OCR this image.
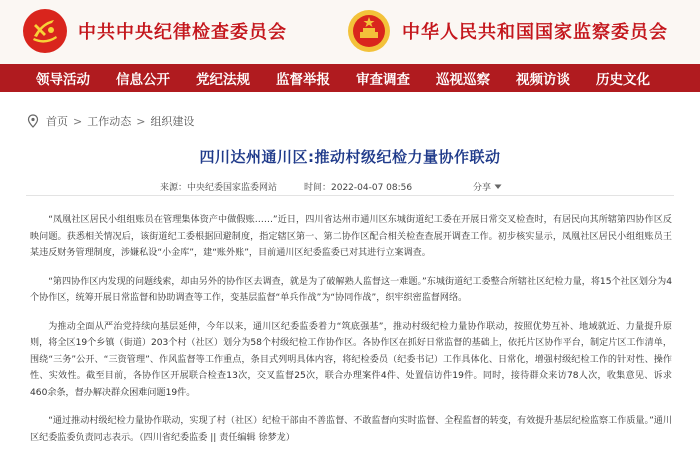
中共中央纪律检查委员会	中华人民共和国国家监察委员会
领导活动 信息公开 党纪法规 监督举报 审查调查 巡视巡察 视频访谈 历史文化
首页 > 工作动态 > 组织建设
四川达州通川区:推动村级纪检力量协作联动
来源：中央纪委国家监委网站	时间：2022-04-07 08:56	分享

“凤凰社区居民小组组账员在管理集体资产中做假账……”近日，四川省达州市通川区东城街道纪工委在开展日常交叉检查时，有居民向其所辖第四协作区反映问题。获悉相关情况后，该街道纪工委根据回避制度，指定辖区第一、第二协作区配合相关检查查展开调查工作。初步核实显示，凤凰社区居民小组组账员王某违反财务管理制度，涉嫌私设“小金库”，建“账外账”，目前通川区纪委监委已对其进行立案调查。

“第四协作区内发现的问题线索，却由另外的协作区去调查，就是为了破解熟人监督这一难题。”东城街道纪工委整合所辖社区纪检力量，将15个社区划分为4个协作区，统筹开展日常监督和协助调查等工作，变基层监督“单兵作战”为“协同作战”，织牢织密监督网络。

为推动全面从严治党持续向基层延伸，今年以来，通川区纪委监委着力“筑底强基”，推动村级纪检力量协作联动，按照优势互补、地域就近、力量提升原则，将全区19个乡镇（街道）203个村（社区）划分为58个村级纪检工作协作区。各协作区在抓好日常监督的基础上，依托片区协作平台，制定片区工作清单，围绕“三务”公开、“三资管理”、作风监督等工作重点，条目式列明具体内容，将纪检委员（纪委书记）工作具体化、日常化，增强村级纪检工作的针对性、操作性、实效性。截至目前，各协作区开展联合检查13次，交叉监督25次，联合办理案件4件、处置信访件19件。同时，接待群众来访78人次，收集意见、诉求460余条，督办解决群众困难问题19件。

“通过推动村级纪检力量协作联动，实现了村（社区）纪检干部由不善监督、不敢监督向实时监督、全程监督的转变，有效提升基层纪检监察工作质量。”通川区纪委监委负责同志表示。（四川省纪委监委 || 责任编辑 徐梦龙）
